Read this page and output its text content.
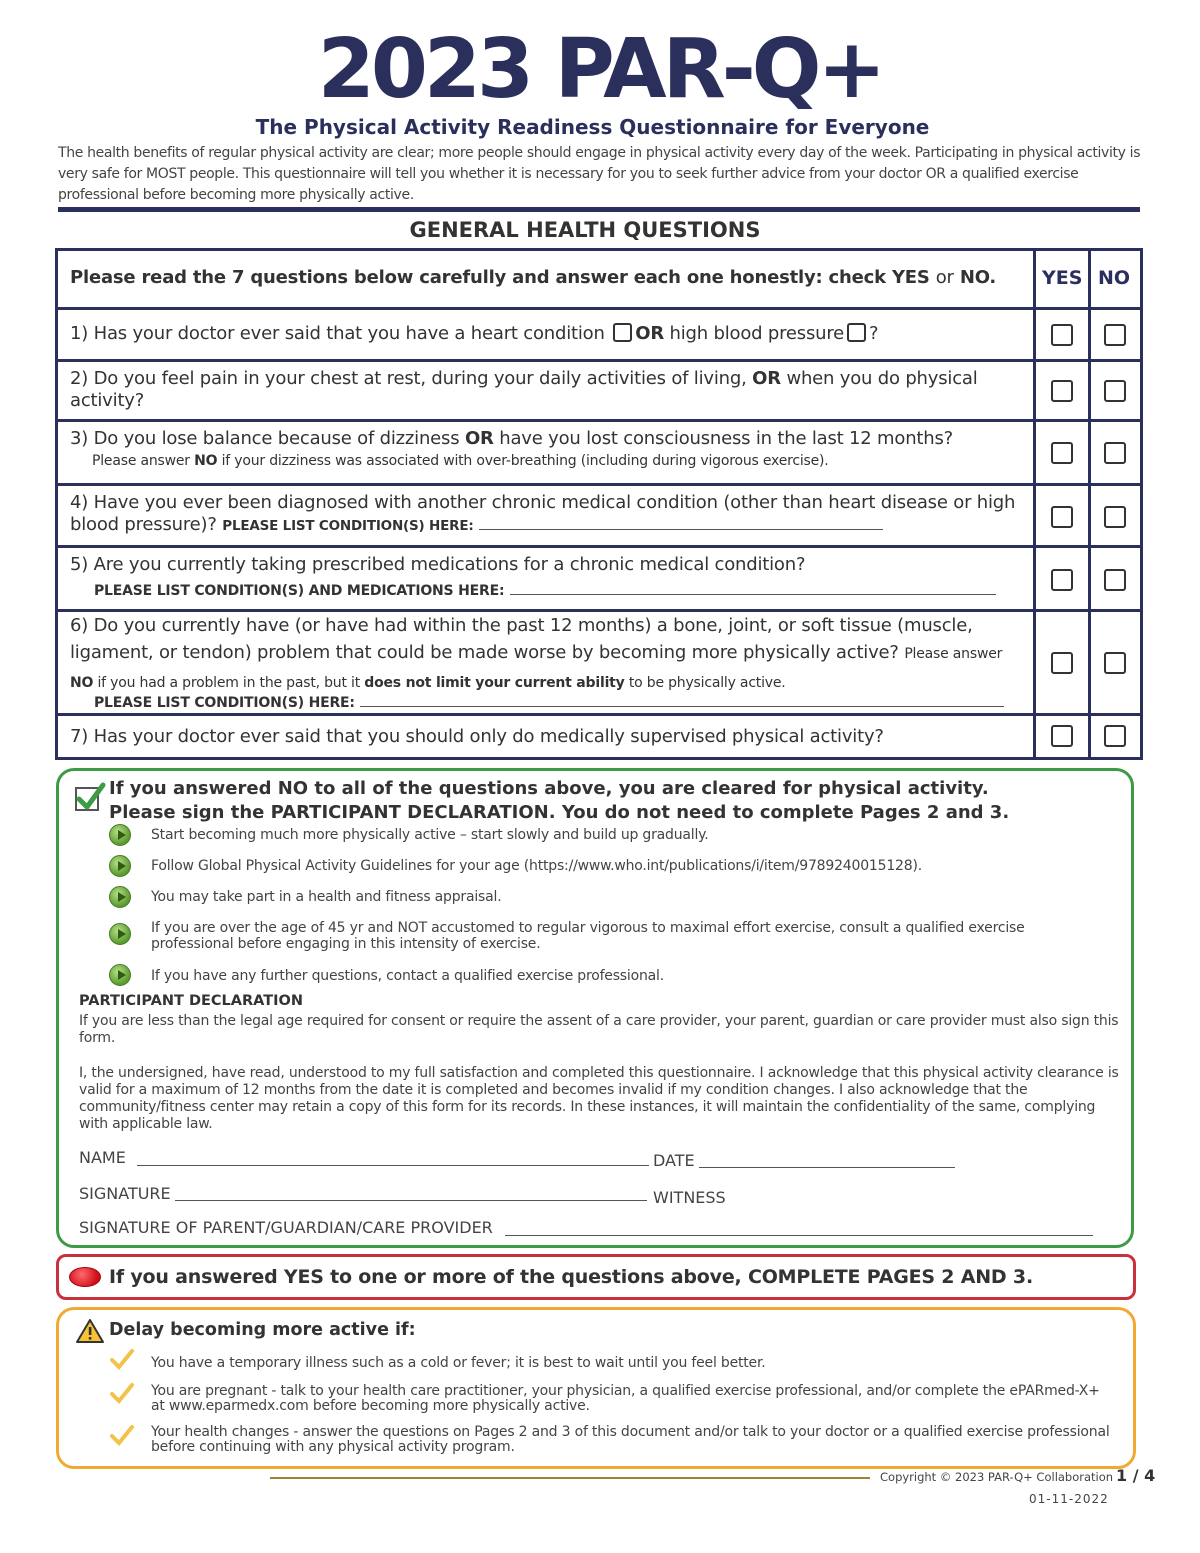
2023 PAR-Q+
The Physical Activity Readiness Questionnaire for Everyone
The health benefits of regular physical activity are clear; more people should engage in physical activity every day of the week. Participating in physical activity is very safe for MOST people. This questionnaire will tell you whether it is necessary for you to seek further advice from your doctor OR a qualified exercise professional before becoming more physically active.
GENERAL HEALTH QUESTIONS
Please read the 7 questions below carefully and answer each one honestly: check YES or NO.	YES NO
1) Has your doctor ever said that you have a heart condition OR high blood pressure ?
2) Do you feel pain in your chest at rest, during your daily activities of living, OR when you do physical activity?
3) Do you lose balance because of dizziness OR have you lost consciousness in the last 12 months?
Please answer NO if your dizziness was associated with over-breathing (including during vigorous exercise).
4) Have you ever been diagnosed with another chronic medical condition (other than heart disease or high blood pressure)? PLEASE LIST CONDITION(S) HERE:
5) Are you currently taking prescribed medications for a chronic medical condition?
PLEASE LIST CONDITION(S) AND MEDICATIONS HERE:
6) Do you currently have (or have had within the past 12 months) a bone, joint, or soft tissue (muscle, ligament, or tendon) problem that could be made worse by becoming more physically active? Please answer NO if you had a problem in the past, but it does not limit your current ability to be physically active.
PLEASE LIST CONDITION(S) HERE:
7) Has your doctor ever said that you should only do medically supervised physical activity?
If you answered NO to all of the questions above, you are cleared for physical activity.
Please sign the PARTICIPANT DECLARATION. You do not need to complete Pages 2 and 3.
Start becoming much more physically active – start slowly and build up gradually.
Follow Global Physical Activity Guidelines for your age (https://www.who.int/publications/i/item/9789240015128).
You may take part in a health and fitness appraisal.
If you are over the age of 45 yr and NOT accustomed to regular vigorous to maximal effort exercise, consult a qualified exercise professional before engaging in this intensity of exercise.
If you have any further questions, contact a qualified exercise professional.
PARTICIPANT DECLARATION
If you are less than the legal age required for consent or require the assent of a care provider, your parent, guardian or care provider must also sign this form.
I, the undersigned, have read, understood to my full satisfaction and completed this questionnaire. I acknowledge that this physical activity clearance is valid for a maximum of 12 months from the date it is completed and becomes invalid if my condition changes. I also acknowledge that the community/fitness center may retain a copy of this form for its records. In these instances, it will maintain the confidentiality of the same, complying with applicable law.
NAME	DATE
SIGNATURE	WITNESS
SIGNATURE OF PARENT/GUARDIAN/CARE PROVIDER
If you answered YES to one or more of the questions above, COMPLETE PAGES 2 AND 3.
Delay becoming more active if:
You have a temporary illness such as a cold or fever; it is best to wait until you feel better.
You are pregnant - talk to your health care practitioner, your physician, a qualified exercise professional, and/or complete the ePARmed-X+ at www.eparmedx.com before becoming more physically active.
Your health changes - answer the questions on Pages 2 and 3 of this document and/or talk to your doctor or a qualified exercise professional before continuing with any physical activity program.
Copyright © 2023 PAR-Q+ Collaboration 1 / 4
01-11-2022
